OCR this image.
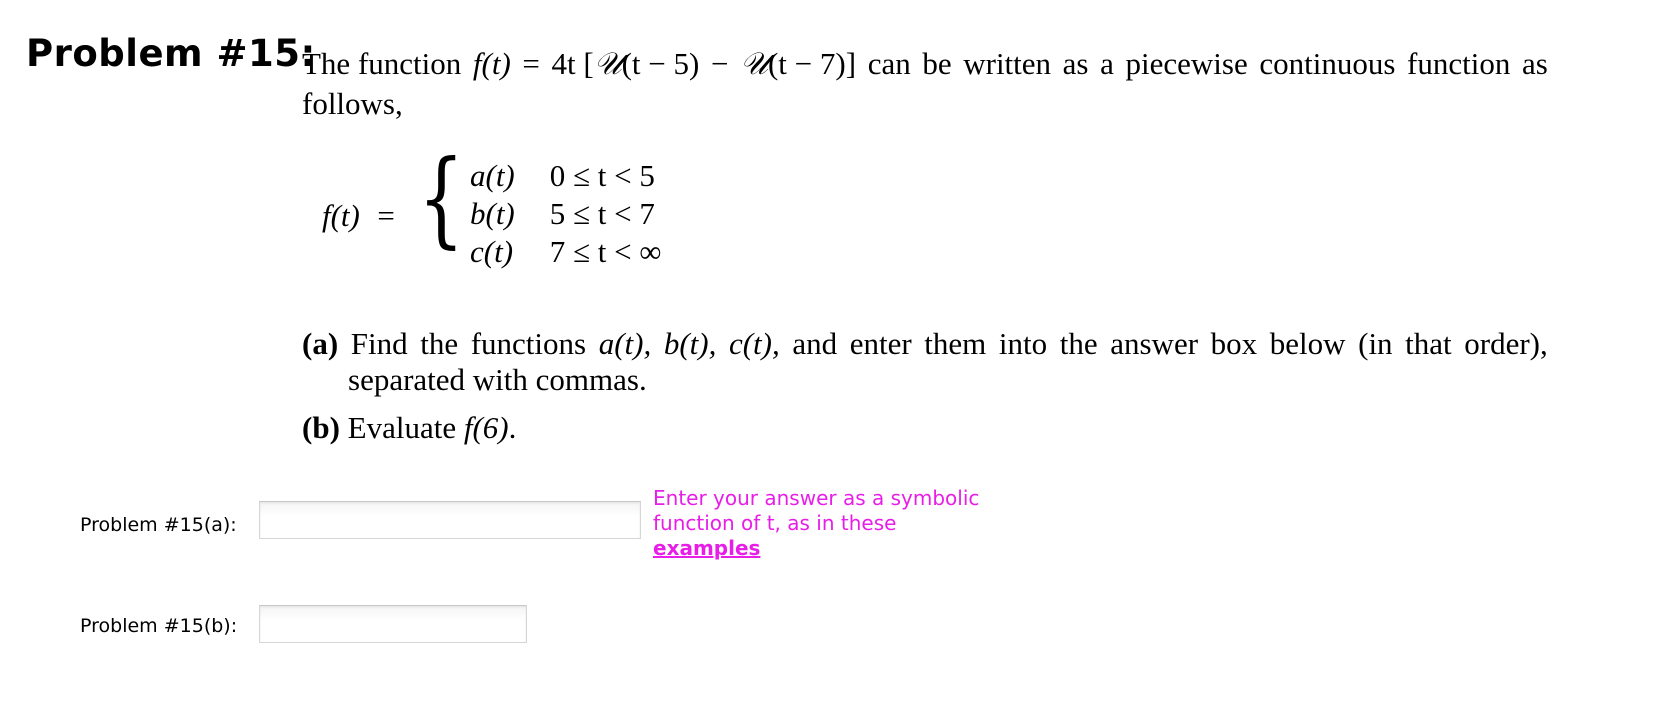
Problem #15:
The function f(t) = 4t [𝒰(t − 5) − 𝒰(t − 7)] can be written as a piecewise continuous function as
follows,
f(t)  = { a(t) 0 ≤ t < 5
b(t) 5 ≤ t < 7
c(t) 7 ≤ t < ∞
(a) Find the functions a(t), b(t), c(t), and enter them into the answer box below (in that order),
separated with commas.
(b) Evaluate f(6).
Problem #15(a):
Enter your answer as a symbolic function of t, as in these
examples
Problem #15(b):
